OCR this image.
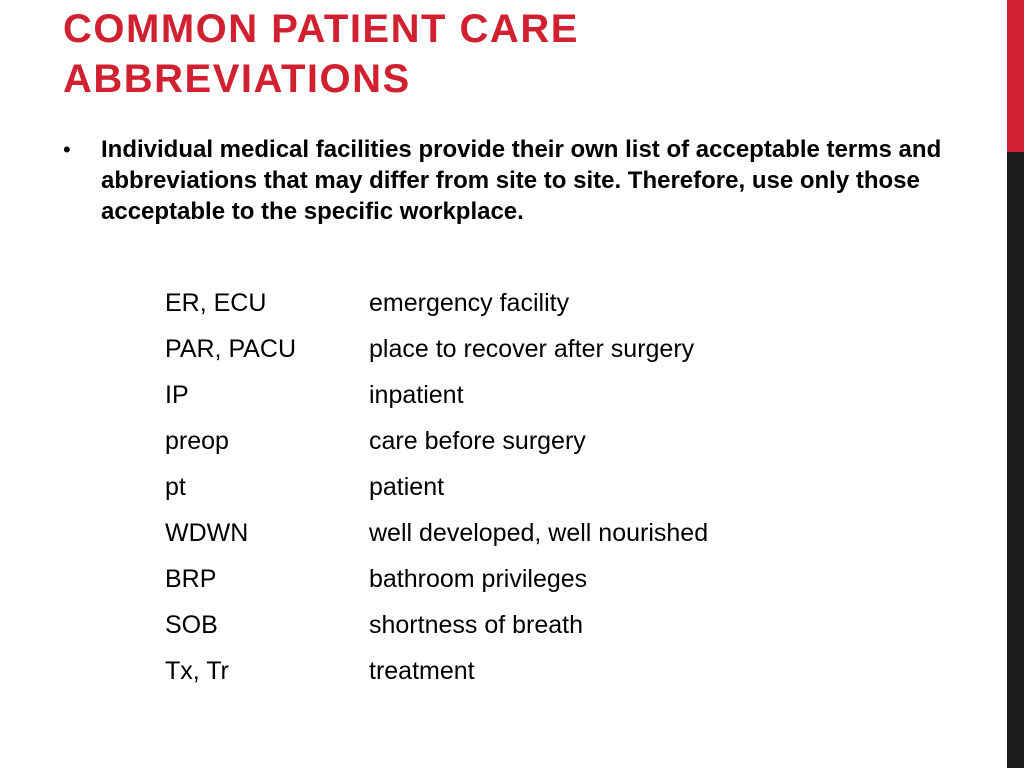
COMMON PATIENT CARE
ABBREVIATIONS
•	Individual medical facilities provide their own list of acceptable terms and abbreviations that may differ from site to site. Therefore, use only those acceptable to the specific workplace.
ER, ECU	emergency facility
PAR, PACU	place to recover after surgery
IP	inpatient
preop	care before surgery
pt	patient
WDWN	well developed, well nourished
BRP	bathroom privileges
SOB	shortness of breath
Tx, Tr	treatment
